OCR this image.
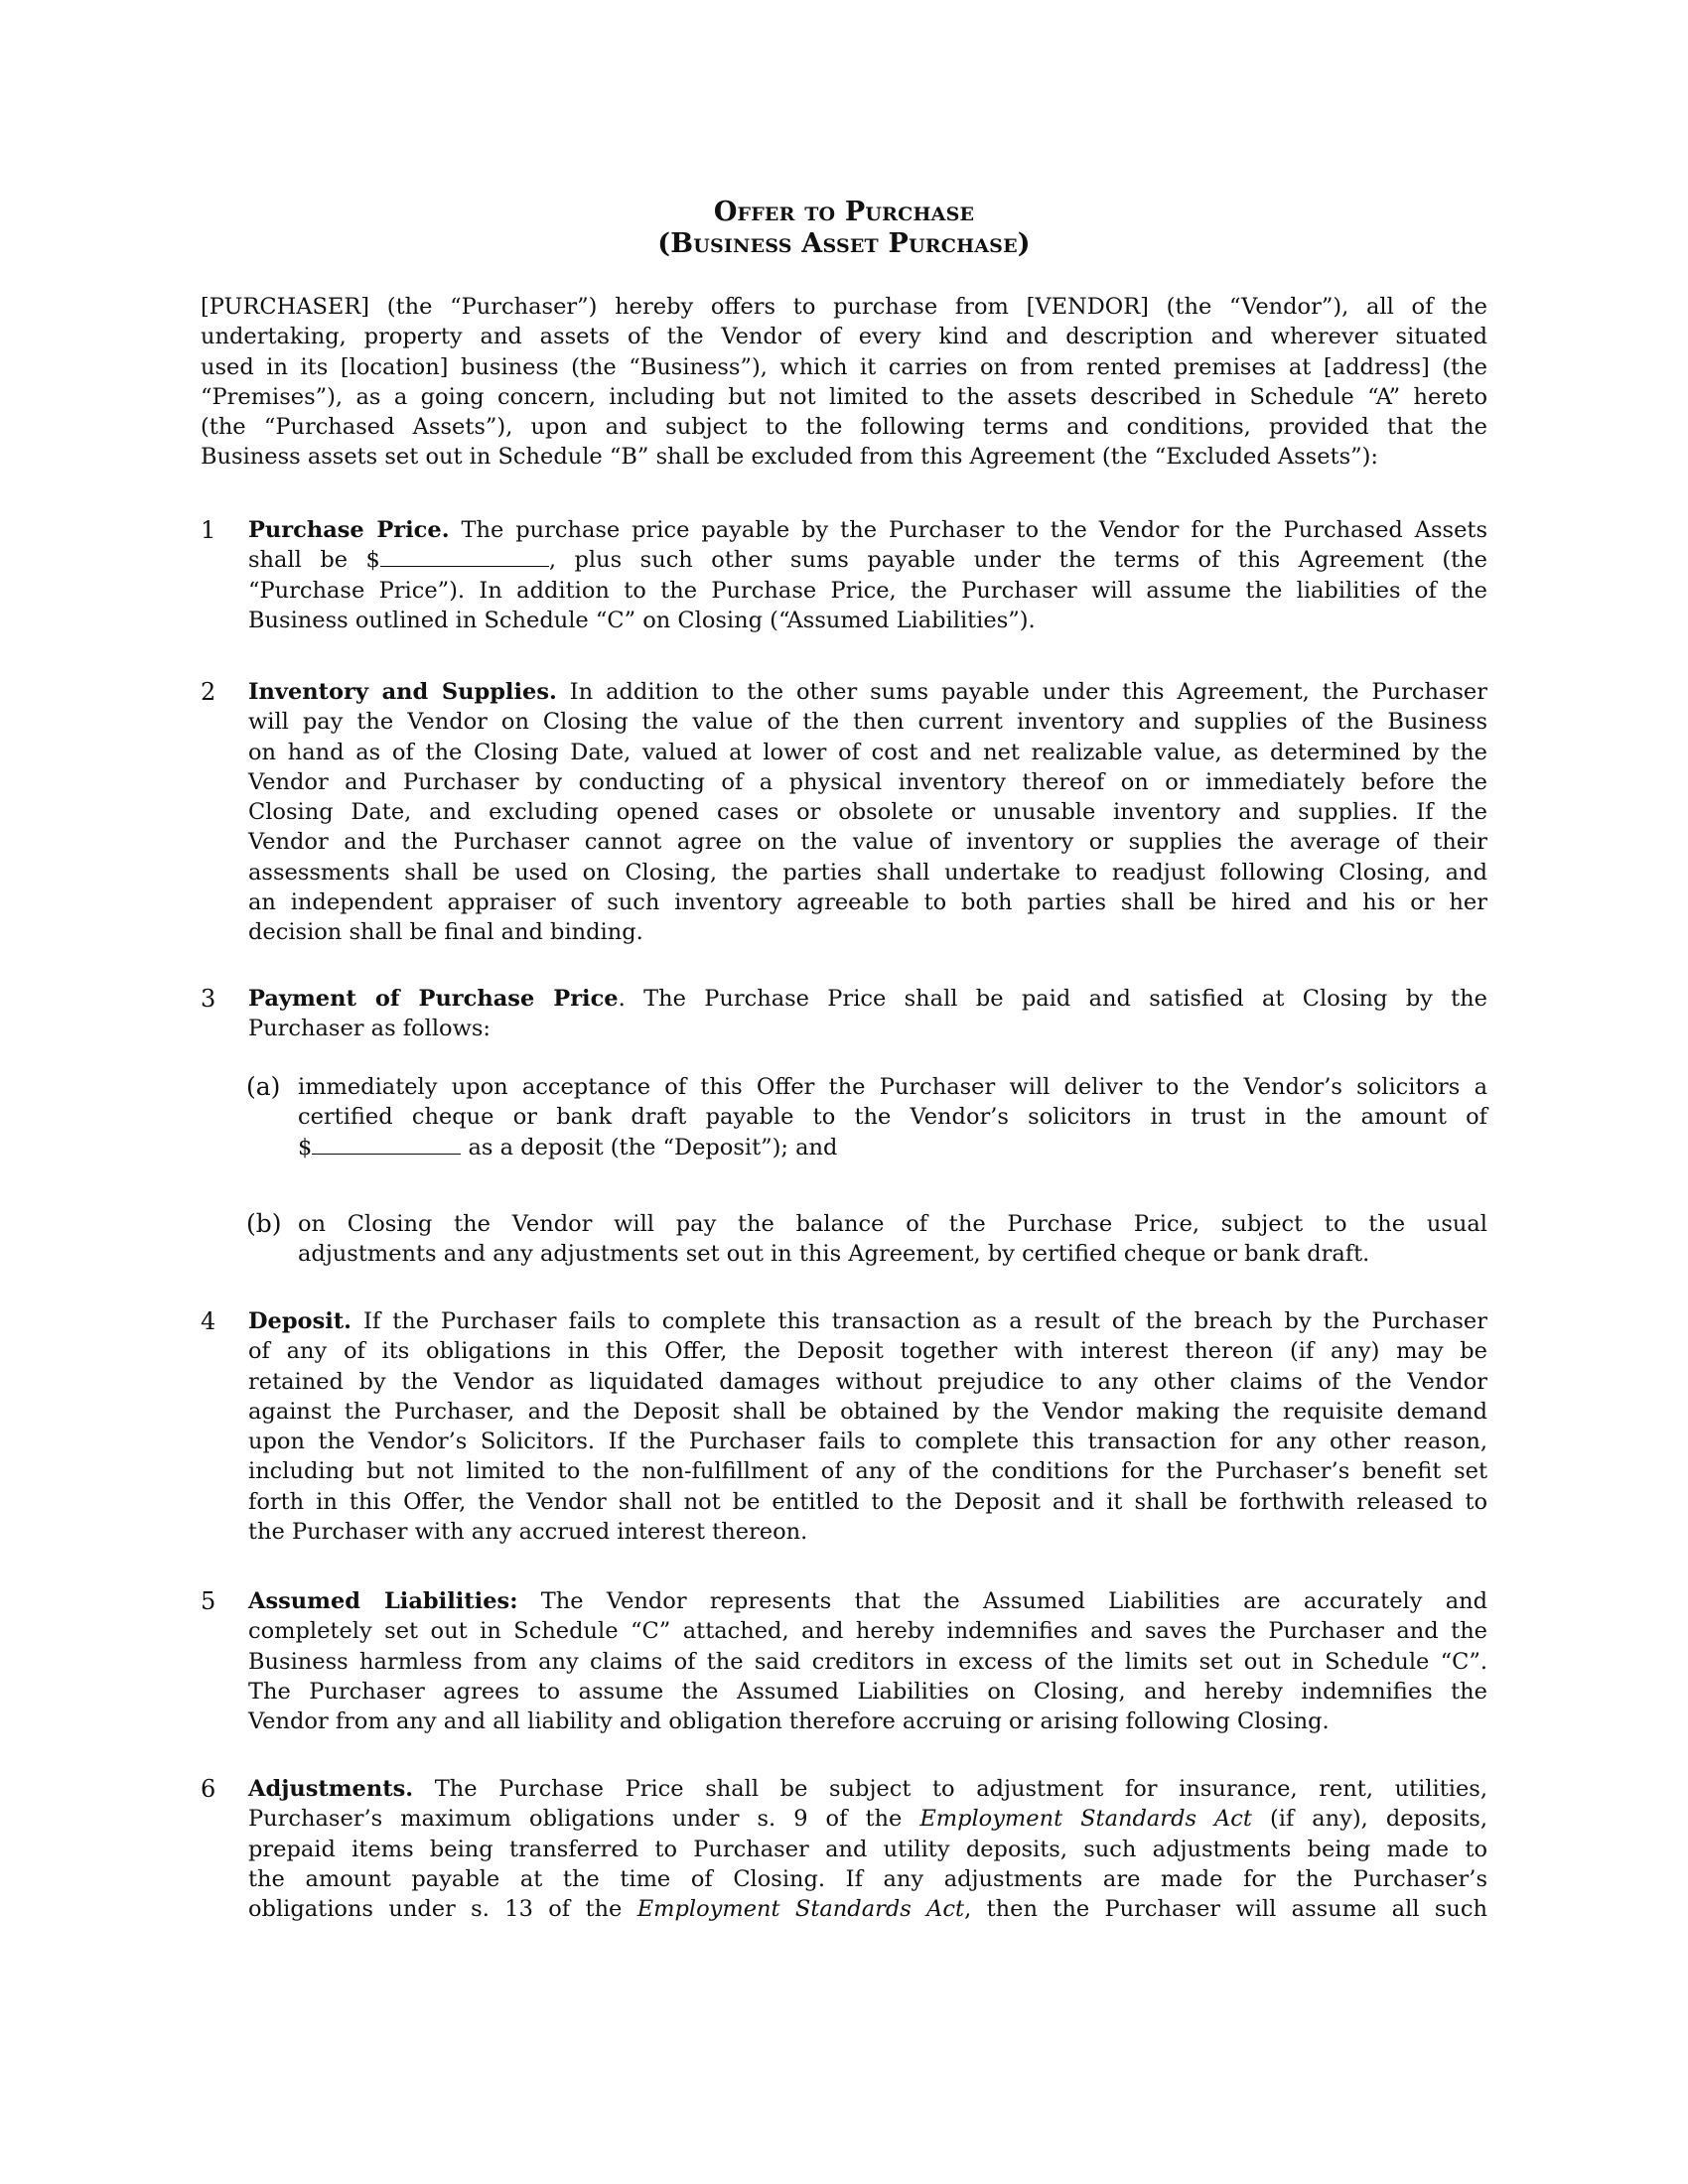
Offer to Purchase
(Business Asset Purchase)
[PURCHASER] (the “Purchaser”) hereby offers to purchase from [VENDOR] (the “Vendor”), all of the
undertaking, property and assets of the Vendor of every kind and description and wherever situated
used in its [location] business (the “Business”), which it carries on from rented premises at [address] (the
“Premises”), as a going concern, including but not limited to the assets described in Schedule “A” hereto
(the “Purchased Assets”), upon and subject to the following terms and conditions, provided that the
Business assets set out in Schedule “B” shall be excluded from this Agreement (the “Excluded Assets”):
1 Purchase Price. The purchase price payable by the Purchaser to the Vendor for the Purchased Assets
shall be $	, plus such other sums payable under the terms of this Agreement (the
“Purchase Price”). In addition to the Purchase Price, the Purchaser will assume the liabilities of the
Business outlined in Schedule “C” on Closing (“Assumed Liabilities”).
2 Inventory and Supplies. In addition to the other sums payable under this Agreement, the Purchaser
will pay the Vendor on Closing the value of the then current inventory and supplies of the Business
on hand as of the Closing Date, valued at lower of cost and net realizable value, as determined by the
Vendor and Purchaser by conducting of a physical inventory thereof on or immediately before the
Closing Date, and excluding opened cases or obsolete or unusable inventory and supplies. If the
Vendor and the Purchaser cannot agree on the value of inventory or supplies the average of their
assessments shall be used on Closing, the parties shall undertake to readjust following Closing, and
an independent appraiser of such inventory agreeable to both parties shall be hired and his or her
decision shall be final and binding.
3 Payment of Purchase Price. The Purchase Price shall be paid and satisfied at Closing by the
Purchaser as follows:
(a) immediately upon acceptance of this Offer the Purchaser will deliver to the Vendor’s solicitors a
certified cheque or bank draft payable to the Vendor’s solicitors in trust in the amount of
$	as a deposit (the “Deposit”); and
(b) on Closing the Vendor will pay the balance of the Purchase Price, subject to the usual
adjustments and any adjustments set out in this Agreement, by certified cheque or bank draft.
4 Deposit. If the Purchaser fails to complete this transaction as a result of the breach by the Purchaser
of any of its obligations in this Offer, the Deposit together with interest thereon (if any) may be
retained by the Vendor as liquidated damages without prejudice to any other claims of the Vendor
against the Purchaser, and the Deposit shall be obtained by the Vendor making the requisite demand
upon the Vendor’s Solicitors. If the Purchaser fails to complete this transaction for any other reason,
including but not limited to the non-fulfillment of any of the conditions for the Purchaser’s benefit set
forth in this Offer, the Vendor shall not be entitled to the Deposit and it shall be forthwith released to
the Purchaser with any accrued interest thereon.
5 Assumed Liabilities: The Vendor represents that the Assumed Liabilities are accurately and
completely set out in Schedule “C” attached, and hereby indemnifies and saves the Purchaser and the
Business harmless from any claims of the said creditors in excess of the limits set out in Schedule “C”.
The Purchaser agrees to assume the Assumed Liabilities on Closing, and hereby indemnifies the
Vendor from any and all liability and obligation therefore accruing or arising following Closing.
6 Adjustments. The Purchase Price shall be subject to adjustment for insurance, rent, utilities,
Purchaser’s maximum obligations under s. 9 of the Employment Standards Act (if any), deposits,
prepaid items being transferred to Purchaser and utility deposits, such adjustments being made to
the amount payable at the time of Closing. If any adjustments are made for the Purchaser’s
obligations under s. 13 of the Employment Standards Act, then the Purchaser will assume all such
